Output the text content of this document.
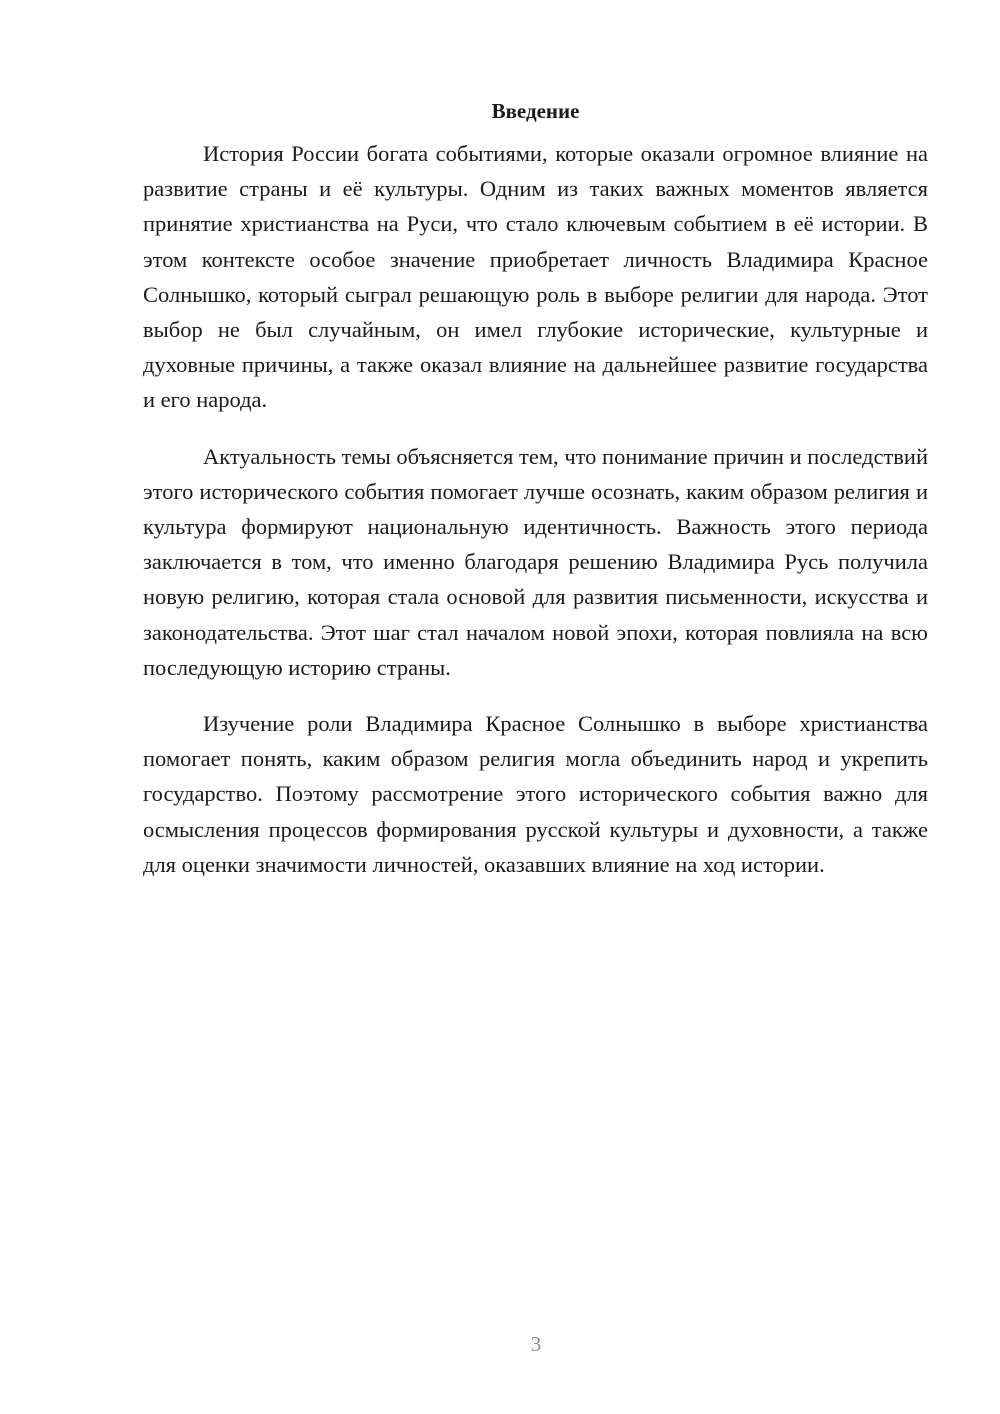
Введение

История России богата событиями, которые оказали огромное влияние на развитие страны и её культуры. Одним из таких важных моментов является принятие христианства на Руси, что стало ключевым событием в её истории. В этом контексте особое значение приобретает личность Владимира Красное Солнышко, который сыграл решающую роль в выборе религии для народа. Этот выбор не был случайным, он имел глубокие исторические, культурные и духовные причины, а также оказал влияние на дальнейшее развитие государства и его народа.

Актуальность темы объясняется тем, что понимание причин и последствий этого исторического события помогает лучше осознать, каким образом религия и культура формируют национальную идентичность. Важность этого периода заключается в том, что именно благодаря решению Владимира Русь получила новую религию, которая стала основой для развития письменности, искусства и законодательства. Этот шаг стал началом новой эпохи, которая повлияла на всю последующую историю страны.

Изучение роли Владимира Красное Солнышко в выборе христианства помогает понять, каким образом религия могла объединить народ и укрепить государство. Поэтому рассмотрение этого исторического события важно для осмысления процессов формирования русской культуры и духовности, а также для оценки значимости личностей, оказавших влияние на ход истории.

3
